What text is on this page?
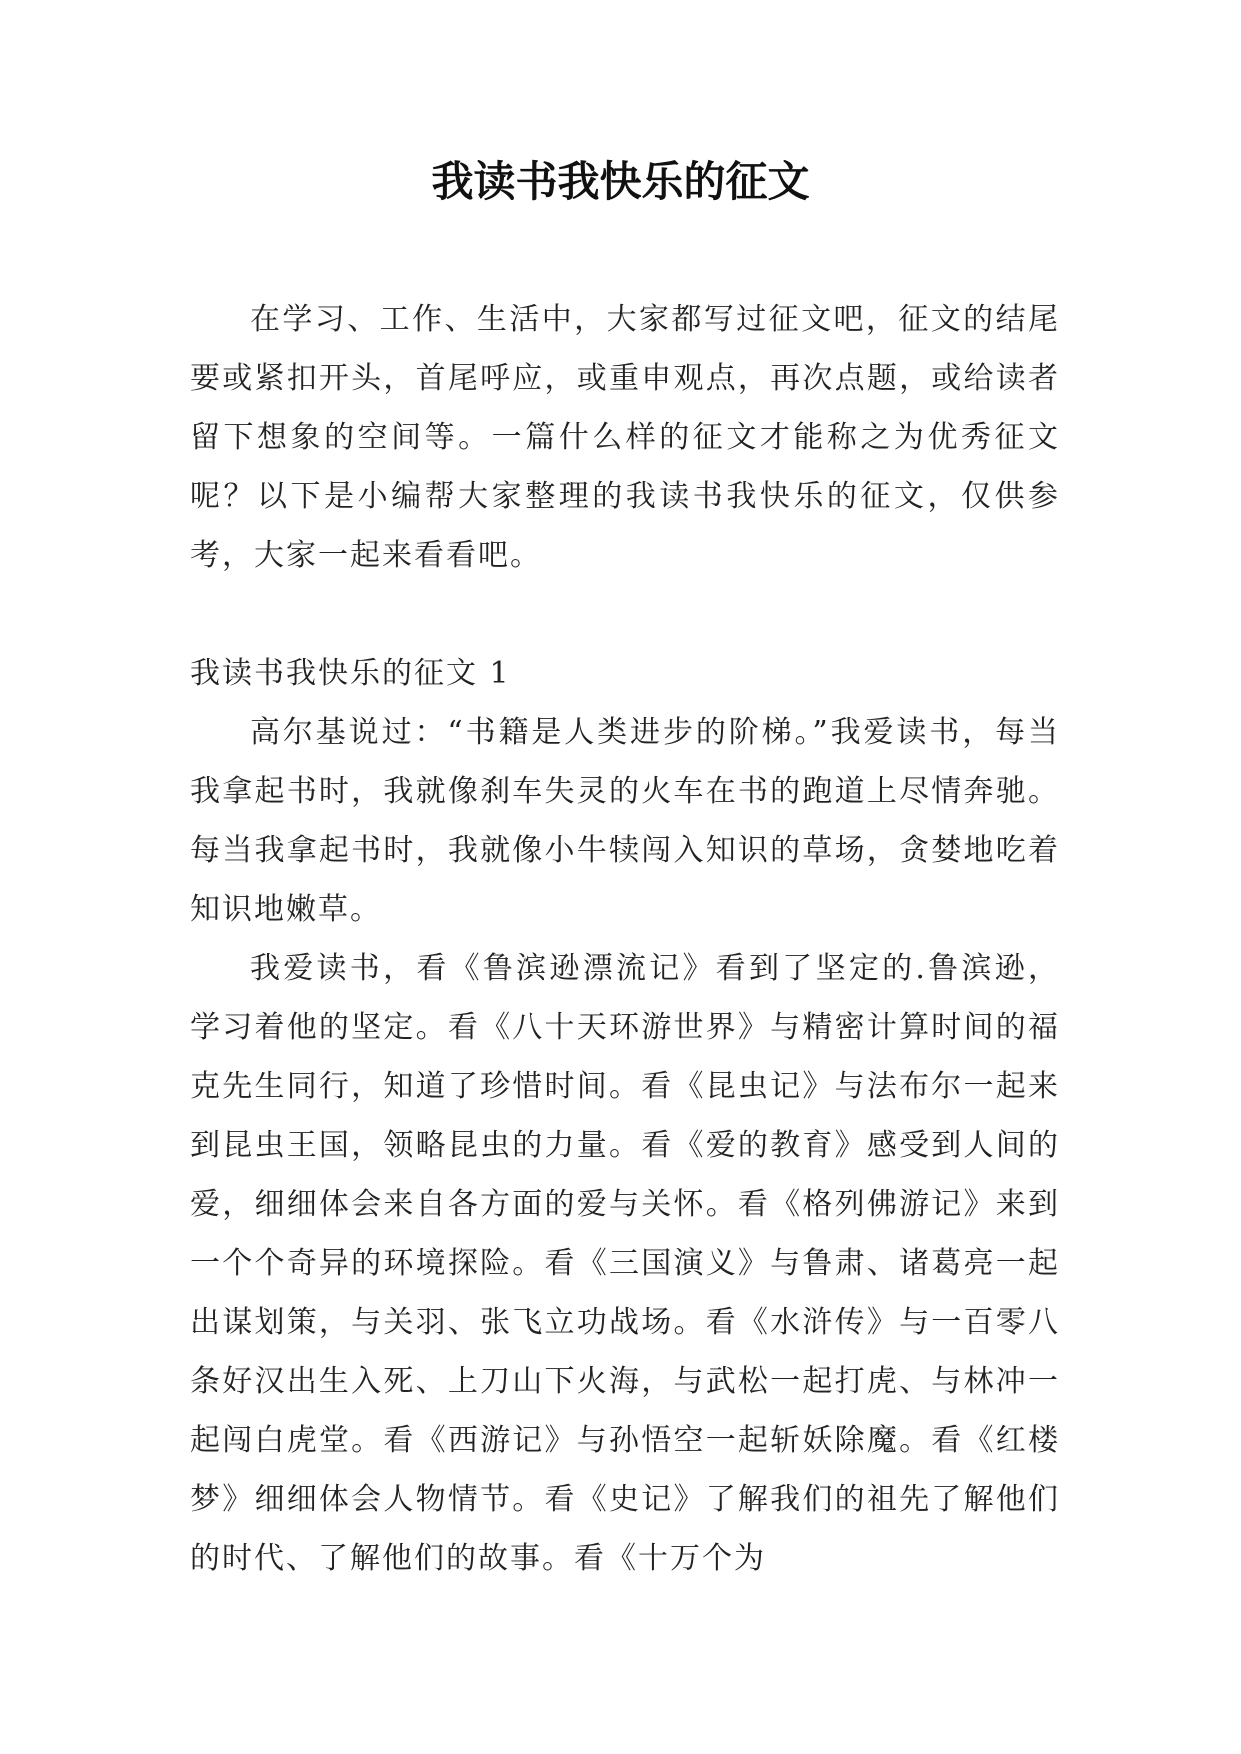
我读书我快乐的征文

在学习、工作、生活中，大家都写过征文吧，征文的结尾要或紧扣开头，首尾呼应，或重申观点，再次点题，或给读者留下想象的空间等。一篇什么样的征文才能称之为优秀征文呢？以下是小编帮大家整理的我读书我快乐的征文，仅供参考，大家一起来看看吧。

我读书我快乐的征文 1

高尔基说过：“书籍是人类进步的阶梯。”我爱读书，每当我拿起书时，我就像刹车失灵的火车在书的跑道上尽情奔驰。每当我拿起书时，我就像小牛犊闯入知识的草场，贪婪地吃着知识地嫩草。

我爱读书，看《鲁滨逊漂流记》看到了坚定的.鲁滨逊，学习着他的坚定。看《八十天环游世界》与精密计算时间的福克先生同行，知道了珍惜时间。看《昆虫记》与法布尔一起来到昆虫王国，领略昆虫的力量。看《爱的教育》感受到人间的爱，细细体会来自各方面的爱与关怀。看《格列佛游记》来到一个个奇异的环境探险。看《三国演义》与鲁肃、诸葛亮一起出谋划策，与关羽、张飞立功战场。看《水浒传》与一百零八条好汉出生入死、上刀山下火海，与武松一起打虎、与林冲一起闯白虎堂。看《西游记》与孙悟空一起斩妖除魔。看《红楼梦》细细体会人物情节。看《史记》了解我们的祖先了解他们的时代、了解他们的故事。看《十万个为
